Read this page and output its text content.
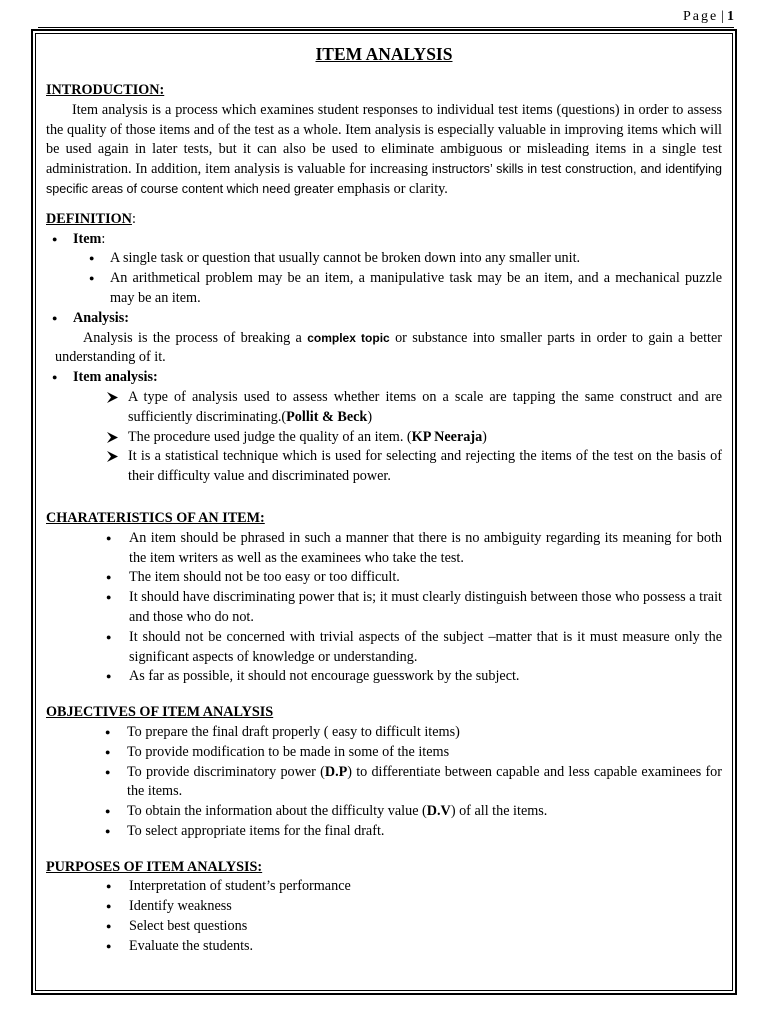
Page | 1
ITEM ANALYSIS
INTRODUCTION:

Item analysis is a process which examines student responses to individual test items (questions) in order to assess the quality of those items and of the test as a whole. Item analysis is especially valuable in improving items which will be used again in later tests, but it can also be used to eliminate ambiguous or misleading items in a single test administration. In addition, item analysis is valuable for increasing instructors’ skills in test construction, and identifying specific areas of course content which need greater emphasis or clarity.

DEFINITION:
● Item:
● A single task or question that usually cannot be broken down into any smaller unit.
● An arithmetical problem may be an item, a manipulative task may be an item, and a mechanical puzzle may be an item.
● Analysis:

Analysis is the process of breaking a complex topic or substance into smaller parts in order to gain a better understanding of it.

● Item analysis:
A type of analysis used to assess whether items on a scale are tapping the same construct and are sufficiently discriminating.(Pollit & Beck)
The procedure used judge the quality of an item. (KP Neeraja)
It is a statistical technique which is used for selecting and rejecting the items of the test on the basis of their difficulty value and discriminated power.
CHARATERISTICS OF AN ITEM:
● An item should be phrased in such a manner that there is no ambiguity regarding its meaning for both the item writers as well as the examinees who take the test.
● The item should not be too easy or too difficult.
● It should have discriminating power that is; it must clearly distinguish between those who possess a trait and those who do not.
● It should not be concerned with trivial aspects of the subject –matter that is it must measure only the significant aspects of knowledge or understanding.
● As far as possible, it should not encourage guesswork by the subject.
OBJECTIVES OF ITEM ANALYSIS
● To prepare the final draft properly ( easy to difficult items)
● To provide modification to be made in some of the items
● To provide discriminatory power (D.P) to differentiate between capable and less capable examinees for the items.
● To obtain the information about the difficulty value (D.V) of all the items.
● To select appropriate items for the final draft.
PURPOSES OF ITEM ANALYSIS:
● Interpretation of student’s performance
● Identify weakness
● Select best questions
● Evaluate the students.
